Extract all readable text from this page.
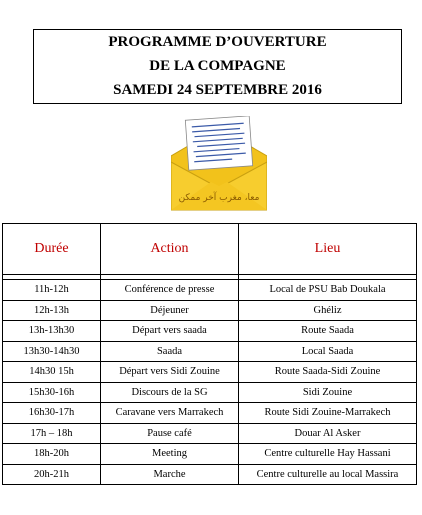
PROGRAMME D’OUVERTURE
DE LA COMPAGNE
SAMEDI 24 SEPTEMBRE 2016
معا، مغرب آخر ممكن
Durée	Action	Lieu

11h-12h	Conférence de presse	Local de PSU Bab Doukala
12h-13h	Déjeuner	Ghéliz
13h-13h30	Départ vers saada	Route Saada
13h30-14h30	Saada	Local Saada
14h30 15h	Départ vers Sidi Zouine	Route Saada-Sidi Zouine
15h30-16h	Discours de la SG	Sidi Zouine
16h30-17h	Caravane vers Marrakech	Route Sidi Zouine-Marrakech
17h – 18h	Pause café	Douar Al Asker
18h-20h	Meeting	Centre culturelle Hay Hassani
20h-21h	Marche	Centre culturelle au local Massira
